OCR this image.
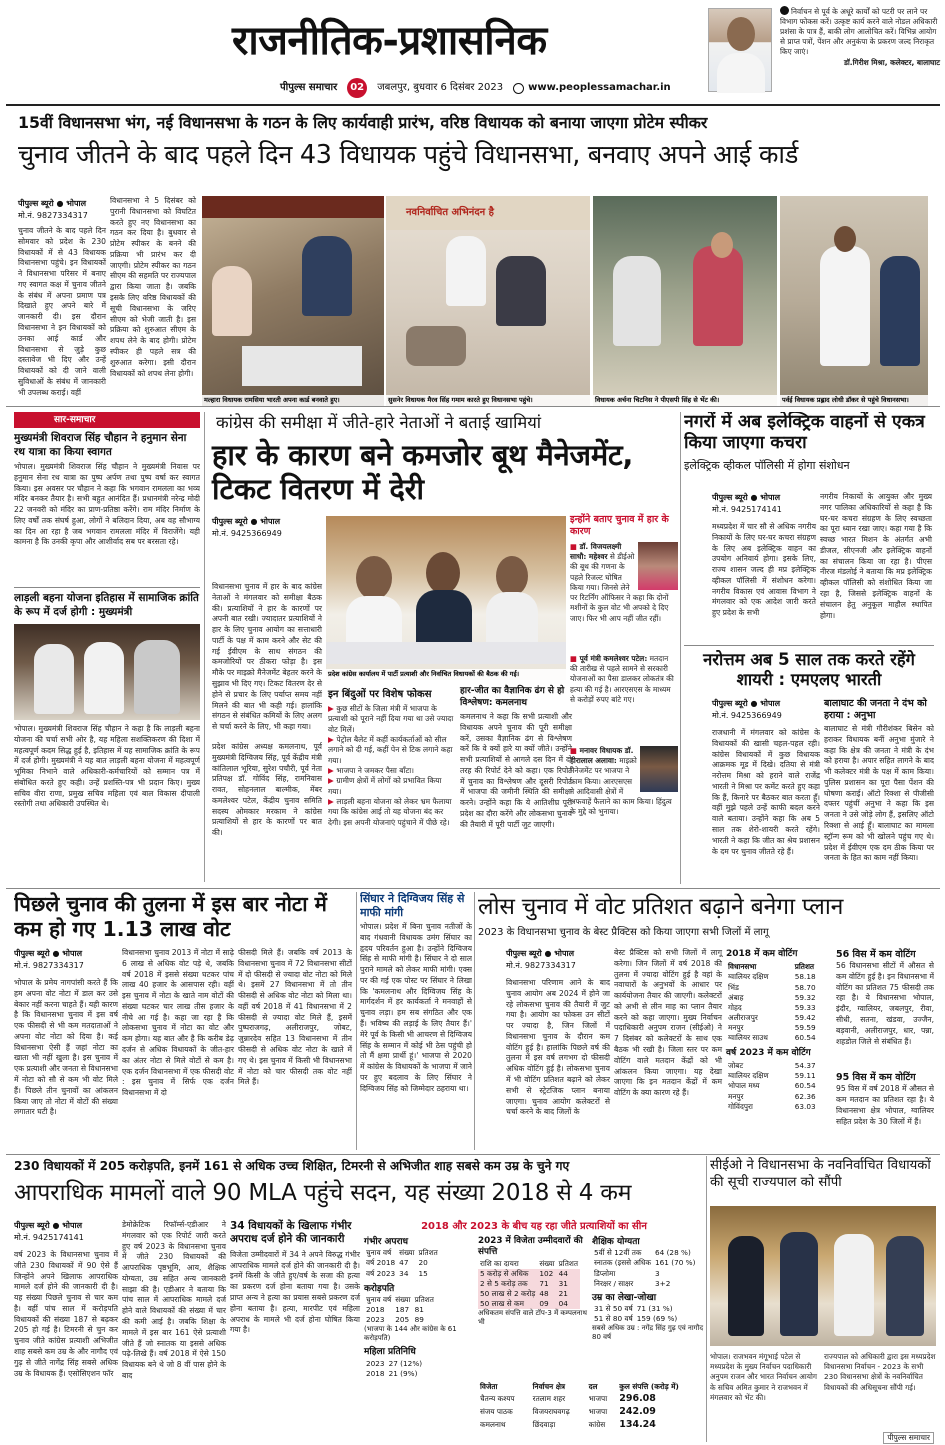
राजनीतिक-प्रशासनिक
पीपुल्स समाचार	02	जबलपुर, बुधवार 6 दिसंबर 2023	www.peoplessamachar.in
निर्वाचन से पूर्व के अधूरे कार्यों को पटरी पर लाने पर विभाग फोकस करें। उत्कृष्ट कार्य करने वाले नोडल अधिकारी प्रशंसा के पात्र हैं, बाकी लोग आलोचित करें। विभिन्न आयोग से प्राप्त पत्रों, पेंशन और अनुकंपा के प्रकरण जल्द निराकृत किए जाएं।
डॉ.गिरीश मिश्रा, कलेक्टर, बालाघाट
15वीं विधानसभा भंग, नई विधानसभा के गठन के लिए कार्यवाही प्रारंभ, वरिष्ठ विधायक को बनाया जाएगा प्रोटेम स्पीकर
चुनाव जीतने के बाद पहले दिन 43 विधायक पहुंचे विधानसभा, बनवाए अपने आई कार्ड
पीपुल्स ब्यूरो ● भोपाल
मो.नं. 9827334317
चुनाव जीतने के बाद पहले दिन सोमवार को प्रदेश के 230 विधायकों में से 43 विधायक विधानसभा पहुंचे। इन विधायकों ने विधानसभा परिसर में बनाए गए स्वागत कक्ष में चुनाव जीतने के संबंध में अपना प्रमाण पत्र दिखाते हुए अपने बारे में जानकारी दी। इस दौरान विधानसभा ने इन विधायकों को उनका आई कार्ड और विधानसभा से जुड़े कुछ दस्तावेज भी दिए और उन्हें विधायकों को दी जाने वाली सुविधाओं के संबंध में जानकारी भी उपलब्ध कराई। वहीं
विधानसभा ने 5 दिसंबर को पुरानी विधानसभा को विघटित करते हुए नए विधानसभा का गठन कर दिया है। बुधवार से प्रोटेम स्पीकर के बनने की प्रक्रिया भी प्रारंभ कर दी जाएगी। प्रोटेम स्पीकर का गठन सीएम की सहमति पर राज्यपाल द्वारा किया जाता है। जबकि इसके लिए वरिष्ठ विधायकों की सूची विधानसभा के जरिए सीएम को भेजी जाती है। इस प्रक्रिया को शुरुआत सीएम के शपथ लेने के बाद होगी। प्रोटेम स्पीकर ही पहले सत्र की शुरुआत करेगा। इसी दौरान विधायकों को शपथ लेना होगी।
मल्हारा विधायक रामसिया भारती अपना कार्ड बनवाते हुए।
नवनिर्वाचित अभिनंदन है
सुसनेर विधायक मैरव सिंह गमाम कारते हुए विधानसभा पहुंचे।	विधायक अर्चना चिटनिस ने पीएसपी सिंह से भेंट की।	पर्वई विधायक प्रह्लाद लोधी डॉकर से पहुंचे विधानसभा।
सार-समाचार
मुख्यमंत्री शिवराज सिंह चौहान ने हनुमान सेना रथ यात्रा का किया स्वागत
भोपाल। मुख्यमंत्री शिवराज सिंह चौहान ने मुख्यमंत्री निवास पर हनुमान सेना रथ यात्रा का पुष्प अर्पण तथा पुष्प वर्षा कर स्वागत किया। इस अवसर पर चौहान ने कहा कि भगवान रामलला का भव्य मंदिर बनकर तैयार है। सभी बहुत आनंदित हैं। प्रधानमंत्री नरेन्द्र मोदी 22 जनवरी को मंदिर का प्राण-प्रतिष्ठा करेंगे। राम मंदिर निर्माण के लिए वर्षों तक संघर्ष हुआ, लोगों ने बलिदान दिया, अब वह सौभाग्य का दिन आ रहा है जब भगवान रामलला मंदिर में विराजेंगे। यही कामना है कि उनकी कृपा और आशीर्वाद सब पर बरसता रहे।
लाड़ली बहना योजना इतिहास में सामाजिक क्रांति के रूप में दर्ज होगी : मुख्यमंत्री
भोपाल। मुख्यमंत्री शिवराज सिंह चौहान ने कहा है कि लाड़ली बहना योजना की चर्चा सभी ओर है, यह महिला सशक्तिकरण की दिशा में महत्वपूर्ण कदम सिद्ध हुई है, इतिहास में यह सामाजिक क्रांति के रूप में दर्ज होगी। मुख्यमंत्री ने यह बात लाड़ली बहना योजना में महत्वपूर्ण भूमिका निभाने वाले अधिकारी-कर्मचारियों को सम्मान पत्र में संबोधित करते हुए कही। उन्हें प्रशस्ति-पत्र भी प्रदान किए। मुख्य सचिव वीरा राणा, प्रमुख सचिव महिला एवं बाल विकास दीपाली रस्तोगी तथा अधिकारी उपस्थित थे।
कांग्रेस की समीक्षा में जीते-हारे नेताओं ने बताई खामियां
हार के कारण बने कमजोर बूथ मैनेजमेंट, टिकट वितरण में देरी
पीपुल्स ब्यूरो ● भोपाल
मो.नं. 9425366949
प्रदेश कांग्रेस कार्यालय में पार्टी प्रत्याशी और निर्वाचित विधायकों की बैठक की गई।
विधानसभा चुनाव में हार के बाद कांग्रेस नेताओं ने मंगलवार को समीक्षा बैठक की। प्रत्याशियों ने हार के कारणों पर अपनी बात रखी। ज्यादातर प्रत्याशियों ने हार के लिए चुनाव आयोग का सत्ताधारी पार्टी के पक्ष में काम करने और सेट की गई ईवीएम के साथ संगठन की कमजोरियों पर ठीकरा फोड़ा है। इस मौके पर माइक्रो मैनेजमेंट बेहतर करने के सुझाव भी दिए गए। टिकट वितरण देर से होने से प्रचार के लिए पर्याप्त समय नहीं मिलने की बात भी कही गई। हालांकि संगठन से संबंधित कमियों के लिए अलग से चर्चा करने के लिए, भी कहा गया।
प्रदेश कांग्रेस अध्यक्ष कमलनाथ, पूर्व मुख्यमंत्री दिग्विजय सिंह, पूर्व केंद्रीय मंत्री कांतिलाल भूरिया, सुरेश पचौरी, पूर्व नेता प्रतिपक्ष डॉ. गोविंद सिंह, रामनिवास रावत, सोहनलाल बाल्मीक, मेंबर कमलेश्वर पटेल, केंद्रीय चुनाव समिति सदस्य ओमकार मरकाम ने कांग्रेस प्रत्याशियों से हार के कारणों पर बात की।
इन बिंदुओं पर विशेष फोकस
▶ कुछ सीटों के जिला मंत्री में भाजपा के प्रत्याशी को पूराने नहीं दिया गया था उसे ज्यादा वोट मिलें।
▶ पेट्रोल बैलेट में कहीं कार्यकर्ताओं को सील लगाने को दी गई, कहीं पेन से टिक लगाने कहा गया।
▶ भाजपा ने जमकर पैसा बाँटा।
▶ ग्रामीण क्षेत्रों में लोगों को प्रभावित किया गया।
▶ लाड़ली बहना योजना को लेकर भ्रम फैलाया गया कि कांग्रेस आई तो यह योजना बंद कर देगी। इस अपनी योजनाएं पहुंचाने में पीछे रहे।
हार-जीत का वैज्ञानिक ढंग से हो विश्लेषण: कमलनाथ
कमलनाथ ने कहा कि सभी प्रत्याशी और विधायक अपने चुनाव की पूरी समीक्षा करें, उसका वैज्ञानिक ढंग से विश्लेषण करें कि वे क्यों हारे या क्यों जीते। उन्होंने सभी प्रत्याशियों से आगले दस दिन में दो तरह की रिपोर्ट देने को कहा। एक रिपोर्ट में चुनाव का विश्लेषण और दूसरी रिपोर्ट में भाजपा की जमीनी स्थिति की समीक्षा करने। उन्होंने कहा कि ये आतिशीघ्र पूरी प्रदेश का दौरा करेंगे और लोकसभा चुनाव की तैयारी में पूरी पार्टी जुट जाएगी।
इन्होंने बताए चुनाव में हार के कारण
■ डॉ. विजयलक्ष्मी साधौ: महेश्वर से डीईओ की बूथ की गणना के पहले रिजल्ट घोषित किया गया। जिनसे लेने पर रिटर्निंग ऑफिसर ने कहा कि दोनों मशीनों के कुल वोट भी अपको दे दिए जाए। फिर भी आप नहीं जीत रहीं।
■ पूर्व मंत्री कमलेश्वर पटेल: मतदान की तारीख से पहले सामने से सरकारी योजनाओं का पैसा डालकर लोकतंत्र की हत्या की गई है। आरएसएस के माध्यम से करोड़ों रुपए बांटे गए।
■ मनावर विधायक डॉ. हीरालाल अलावा: माइक्रो मैनेजमेंट पर भाजपा ने काम किया। आरएसएस ने आदिवासी क्षेत्रों में अफवाहें फैलाने का काम किया। हिंदुत्व के मुद्दे को भुनाया।
नगरों में अब इलेक्ट्रिक वाहनों से एकत्र किया जाएगा कचरा
इलेक्ट्रिक व्हीकल पॉलिसी में होगा संशोधन
पीपुल्स ब्यूरो ● भोपाल
मो.नं. 9425174141
मध्यप्रदेश में चार सौ से अधिक नगरीय निकायों के लिए घर-घर कचरा संग्रहण के लिए अब इलेक्ट्रिक वाहन का उपयोग अनिवार्य होगा। इसके लिए, राज्य शासन जल्द ही मप्र इलेक्ट्रिक व्हीकल पॉलिसी में संशोधन करेगा। नगरीय विकास एवं आवास विभाग ने मंगलवार को एक आदेश जारी करते हुए प्रदेश के सभी
नगरीय निकायों के आयुक्त और मुख्य नगर पालिका अधिकारियों से कहा है कि घर-घर कचरा संग्रहण के लिए स्वच्छता का पूरा ध्यान रखा जाए। कहा गया है कि स्वच्छ भारत मिशन के अंतर्गत अभी डीजल, सीएनजी और इलेक्ट्रिक वाहनों का संचालन किया जा रहा है। पीएस नीरज मंडलोई ने बताया कि मप्र इलेक्ट्रिक व्हीकल पॉलिसी को संशोधित किया जा रहा है, जिससे इलेक्ट्रिक वाहनों के संचालन हेतु अनुकूल माहौल स्थापित होगा।
नरोत्तम अब 5 साल तक करते रहेंगे शायरी : एमएलए भारती
पीपुल्स ब्यूरो ● भोपाल
मो.नं. 9425366949
राजधानी में मंगलवार को कांग्रेस के विधायकों की खासी चहल-पहल रही। कांग्रेस विधायकों में कुछ विधायक आक्रमक मूड में दिखे। दतिया से मंत्री नरोत्तम मिश्रा को हराने वाले राजेंद्र भारती ने मिश्रा पर कमेंट करते हुए कहा कि हैं, किनारे पर बैठकर बात करता हूँ। वहीं मुझे पहले उन्हें काफी बदल करने वाले बताया। उन्होंने कहा कि अब 5 साल तक शेरो-शायरी करते रहेंगे। भारती ने कहा कि जीत का श्रेय प्रशासन के दम पर चुनाव जीतते रहे हैं।
बालाघाट की जनता ने दंभ को हराया : अनुभा
बालाघाट से मंत्री गौरीशंकर बिसेन को हराकर विधायक बनीं अनुभा मुंजारे ने कहा कि क्षेत्र की जनता ने मंत्री के दंभ को हराया है। अपार सहित लागने के बाद भी कलेक्टर मंत्री के पक्ष में काम किया। पुलिस प्रशासन का पूरा पैसा पेंशन की घोषणा कराई। ऑटो रिक्शा से पीजीसी दफ्तर पहुंचीं अनुभा ने कहा कि इस जनता ने उसे जोड़े लोग हैं, इसलिए ऑटो रिक्शा से आई हूँ। बालाघाट का मामला स्ट्रॉन्ग रूम को भी खोलने पहुंच गए थे। प्रदेश में ईवीएम एक दम ठीक किया पर जनता के हित का काम नहीं किया।
पिछले चुनाव की तुलना में इस बार नोटा में कम हो गए 1.13 लाख वोट
पीपुल्स ब्यूरो ● भोपाल
मो.नं. 9827334317
भोपाल के प्रमेय नागपांसी करते हैं कि हम अपना वोट नोटा में डाल कर उसे बेकार नहीं करना चाहते हैं। यही कारण है कि विधानसभा चुनाव में इस वर्ष एक फीसदी से भी कम मतदाताओं ने अपना वोट नोटा को दिया है। कई विधानसभा ऐसी हैं जहां नोटा का खाता भी नहीं खुला है। इस चुनाव में एक प्रत्याशी और जनता से विधानसभा में नोटा को सौ से कम भी वोट मिले हैं। पिछले तीन चुनावों का आंकलन किया जाए तो नोटा में वोटों की संख्या लगातार घटी है।
विधानसभा चुनाव 2013 में नोटा में साढ़े 6 लाख से अधिक वोट पड़े थे, जबकि वर्ष 2018 में इससे संख्या घटकर पांच लाख 40 हजार के आसपास रही। वहीं इस चुनाव में नोटा के खाते नाम वोटों की संख्या घटकर चार लाख तीस हजार के नीचे आ गई है। कहा जा रहा है कि लोकसभा चुनाव में नोटा का वोट और कम होगा। यह बात और है कि करीब डेढ़ दर्जन से अधिक विधायकों के जीत-हार का अंतर नोटा से मिले वोटों से कम है। एक दर्जन विधानसभा में एक फीसदी वोट : इस चुनाव में सिर्फ एक दर्जन विधानसभा में दो
फीसदी मिले हैं। जबकि वर्ष 2013 के विधानसभा चुनाव में 72 विधानसभा सीटों में दो फीसदी से ज्यादा वोट नोटा को मिले थे। इसमें 27 विधानसभा में तो तीन फीसदी से अधिक वोट नोटा को मिला था। वहीं वर्ष 2018 में 41 विधानसभा में 2 फीसदी से ज्यादा वोट मिले हैं, इसमें पुष्पराजगढ़, अलीराजपुर, जोबट, जुन्नारदेव सहित 13 विधानसभा में तीन फीसदी से अधिक वोट नोटा के खाते में गए थे। इस चुनाव में किसी भी विधानसभा में नोटा को चार फीसदी तक वोट नहीं मिले हैं।
सिंघार ने दिग्विजय सिंह से माफी मांगी
भोपाल। प्रदेश में बिना चुनाव नतीजों के बाद गंधवानी विधायक उमंग सिंघार का हृदय परिवर्तन हुआ है। उन्होंने दिग्विजय सिंह से माफी मांगी है। सिंघार ने दो साल पुराने मामले को लेकर माफी मांगी। एक्स पर की गई एक पोस्ट पर सिंघार ने लिखा कि 'कमलनाथ और दिग्विजय सिंह के मार्गदर्शन में हर कार्यकर्ता ने मनवाहों से चुनाव लड़ा। हम सब संगठित और एक हैं। भविष्य की लड़ाई के लिए तैयार हैं।' मेरे पूर्व के किसी भी आचरण से दिग्विजय सिंह के सम्मान में कोई भी ठेस पहुंची हो तो मैं क्षमा प्रार्थी हूं।' भाजपा से 2020 में कांग्रेस के विधायकों के भाजपा में जाने पर हुए बदलाव के लिए सिंघार ने दिग्विजय सिंह को जिम्मेदार ठहराया था।
लोस चुनाव में वोट प्रतिशत बढ़ाने बनेगा प्लान
2023 के विधानसभा चुनाव के बेस्ट प्रैक्टिस को किया जाएगा सभी जिलों में लागू
पीपुल्स ब्यूरो ● भोपाल
मो.नं. 9827334317
विधानसभा परिणाम आने के बाद चुनाव आयोग अब 2024 में होने जा रहे लोकसभा चुनाव की तैयारी में जुट गया है। आयोग का फोकस उन सीटों पर ज्यादा है, जिन जिलों में विधानसभा चुनाव के दौरान कम वोटिंग हुई है। हालांकि पिछले वर्ष की तुलना में इस वर्ष लगभग दो फीसदी अधिक वोटिंग हुई है। लोकसभा चुनाव में भी वोटिंग प्रतिशत बढ़ाने को लेकर सभी से स्ट्रेटजिक प्लान बनाया जाएगा। चुनाव आयोग कलेक्टरों से चर्चा करने के बाद जिलों के
बेस्ट प्रैक्टिस को सभी जिलों में लागू करेगा। जिन जिलों में वर्ष 2018 की तुलना में ज्यादा वोटिंग हुई है वहां के नवाचारों के अनुभवों के आधार पर कार्ययोजना तैयार की जाएगी। कलेक्टरों को अभी से लीन माह का प्लान तैयार करने को कहा जाएगा। मुख्य निर्वाचन पदाधिकारी अनुपम राजन (सीईओ) ने 7 दिसंबर को कलेक्टरों के साथ एक बैठक भी रखी है। जिला स्तर पर कम वोटिंग वाले मतदान केंद्रों को भी आंकलन किया जाएगा। यह देखा जाएगा कि इन मतदान केंद्रों में कम वोटिंग के क्या कारण रहे हैं।
2018 में कम वोटिंग
विधानसभा	प्रतिशत
ग्वालियर दक्षिण	58.18
भिंड	58.70
अंबाह	59.32
गोहद	59.33
अलीराजपुर	59.42
मनपुर	59.59
ग्वालियर साउथ	60.54
वर्ष 2023 में कम वोटिंग
जोबट	54.37
ग्वालियर दक्षिण	59.11
भोपाल मध्य	60.54
मनपुर	62.36
गोविंदपुरा	63.03
56 विस में कम वोटिंग
56 विधानसभा सीटों में औसत से कम वोटिंग हुई है। इन विधानसभा में वोटिंग का प्रतिशत 75 फीसदी तक रहा है। ये विधानसभा भोपाल, इंदौर, ग्वालियर, जबलपुर, रीवा, सीधी, सतना, खंडवा, उज्जैन, बड़वानी, अलीराजपुर, धार, पन्ना, शहडोल जिले से संबंधित हैं।
95 विस में कम वोटिंग
95 विस में वर्ष 2018 में औसत से कम मतदान का प्रतिशत रहा है। ये विधानसभा क्षेत्र भोपाल, ग्वालियर सहित प्रदेश के 30 जिलों में हैं।
230 विधायकों में 205 करोड़पति, इनमें 161 से अधिक उच्च शिक्षित, टिमरनी से अभिजीत शाह सबसे कम उम्र के चुने गए
आपराधिक मामलों वाले 90 MLA पहुंचे सदन, यह संख्या 2018 से 4 कम
पीपुल्स ब्यूरो ● भोपाल
मो.नं. 9425174141
वर्ष 2023 के विधानसभा चुनाव में जीते 230 विधायकों में 90 ऐसे हैं जिन्होंने अपने खिलाफ आपराधिक मामले दर्ज होने की जानकारी दी है। यह संख्या पिछले चुनाव से चार कम है। वहीं पांच साल में करोड़पति विधायकों की संख्या 187 से बढ़कर 205 हो गई है। टिमरनी से चुन कर चुनाव जीते कांग्रेस प्रत्याशी अभिजीत शाह सबसे कम उम्र के और नागौद एवं गुढ़ से जीते नागेंद्र सिंह सबसे अधिक उम्र के विधायक हैं। एसोसिएशन फॉर
डेमोक्रेटिक रिफॉर्म्स-एडीआर ने मंगलवार को एक रिपोर्ट जारी करते हुए वर्ष 2023 के विधानसभा चुनाव में जीते 230 विधायकों की आपराधिक पृष्ठभूमि, आय, शैक्षिक योग्यता, उम्र सहित अन्य जानकारी साझा की है। एडीआर ने बताया कि पांच साल में आपराधिक मामले दर्ज होने वाले विधायकों की संख्या में चार की कमी आई है। जबकि शिक्षा के मामले में इस बार 161 ऐसे प्रत्याशी जीते हैं जो स्नातक या इससे अधिक पढ़े-लिखे हैं। वर्ष 2018 में ऐसे 150 विधायक बने थे जो 8 वीं पास होने के बाद
34 विधायकों के खिलाफ गंभीर अपराध दर्ज होने की जानकारी
विजेता उम्मीदवारों में 34 ने अपने विरुद्ध गंभीर आपराधिक मामले दर्ज होने की जानकारी दी है। इनमें किसी के जीते हुए/वर्ष के सजा की हत्या का प्रकरण दर्ज होना बताया गया है। उसके प्राप्त अन्य ने हत्या का प्रयास सबसे प्रकरण दर्ज होना बताया है। हत्या, मारपीट एवं महिला अपराध के मामले भी दर्ज होना घोषित किया गया है।
2018 और 2023 के बीच यह रहा जीते प्रत्याशियों का सीन
गंभीर अपराध
चुनाव वर्ष	संख्या	प्रतिशत
वर्ष 2018	47	20
वर्ष 2023	34	15
करोड़पति
चुनाव वर्ष	संख्या	प्रतिशत
2018	187	81
2023	205	89
(भाजपा के 144 और कांग्रेस के 61 करोड़पति)
महिला प्रतिनिधि
2023	27 (12%)
2018	21 (9%)
2023 में विजेता उम्मीदवारों की संपत्ति
राशि का दायरा	संख्या	प्रतिशत
5 करोड़ से अधिक	102	44
2 से 5 करोड़ तक	71	31
50 लाख से 2 करोड़	48	21
50 लाख से कम	09	04
अधिकतम संपत्ति वाले टॉप-3 में कम्पलनाथ भी
शैक्षिक योग्यता
5वीं से 12वीं तक	64 (28 %)
स्नातक (इससे अधिक	161 (70 %)
डिप्लोमा	3
निरक्षर / साक्षर	3+2
उम्र का लेखा-जोखा
31 से 50 वर्ष	71 (31 %)
51 से 80 वर्ष	159 (69 %)
सबसे अधिक उम्र : नगेंद्र सिंह गुढ़ एवं नागौद 80 वर्ष
विजेता	निर्वाचन क्षेत्र	दल	कुल संपत्ति (करोड़ में)
चैतन्य कश्यप	रतलाम शहर	भाजपा	296.08
संजय पाठक	विजयराघवगढ़	भाजपा	242.09
कमलनाथ	छिंदवाड़ा	कांग्रेस	134.24
सीईओ ने विधानसभा के नवनिर्वाचित विधायकों की सूची राज्यपाल को सौंपी
भोपाल। राजभवन मंगूभाई पटेल से मध्यप्रदेश के मुख्य निर्वाचन पदाधिकारी अनुपम राजन और भारत निर्वाचन आयोग के सचिव अमित कुमार ने राजभवन में मंगलवार को भेंट की।
राज्यपाल को अधिकारी द्वारा इस मध्यप्रदेश विधानसभा निर्वाचन - 2023 के सभी 230 विधानसभा क्षेत्रों के नवनिर्वाचित विधायकों की अधिसूचना सौंपी गई।
पीपुल्स समाचार
